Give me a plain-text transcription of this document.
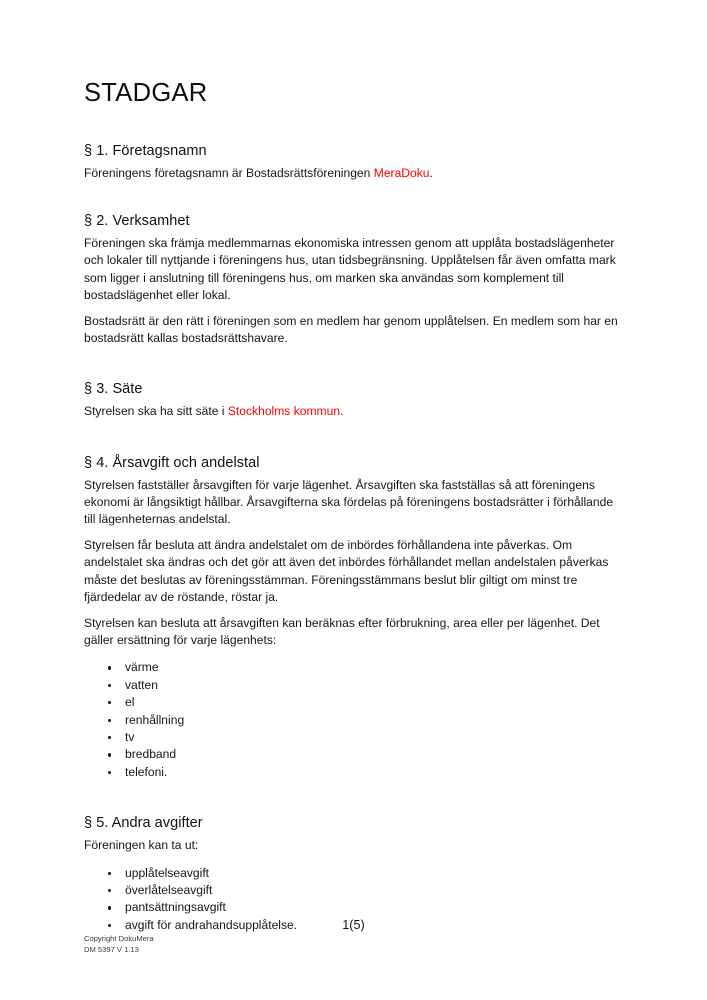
STADGAR
§ 1. Företagsnamn

Föreningens företagsnamn är Bostadsrättsföreningen MeraDoku.

§ 2. Verksamhet

Föreningen ska främja medlemmarnas ekonomiska intressen genom att upplåta bostadslägenheter och lokaler till nyttjande i föreningens hus, utan tidsbegränsning. Upplåtelsen får även omfatta mark som ligger i anslutning till föreningens hus, om marken ska användas som komplement till bostadslägenhet eller lokal.

Bostadsrätt är den rätt i föreningen som en medlem har genom upplåtelsen. En medlem som har en bostadsrätt kallas bostadsrättshavare.

§ 3. Säte

Styrelsen ska ha sitt säte i Stockholms kommun.

§ 4. Årsavgift och andelstal

Styrelsen fastställer årsavgiften för varje lägenhet. Årsavgiften ska fastställas så att föreningens ekonomi är långsiktigt hållbar. Årsavgifterna ska fördelas på föreningens bostadsrätter i förhållande till lägenheternas andelstal.

Styrelsen får besluta att ändra andelstalet om de inbördes förhållandena inte påverkas. Om andelstalet ska ändras och det gör att även det inbördes förhållandet mellan andelstalen påverkas måste det beslutas av föreningsstämman. Föreningsstämmans beslut blir giltigt om minst tre fjärdedelar av de röstande, röstar ja.

Styrelsen kan besluta att årsavgiften kan beräknas efter förbrukning, area eller per lägenhet. Det gäller ersättning för varje lägenhets:

värme
vatten
el
renhållning
tv
bredband
telefoni.
§ 5. Andra avgifter

Föreningen kan ta ut:

upplåtelseavgift
överlåtelseavgift
pantsättningsavgift
avgift för andrahandsupplåtelse.	1(5)
Copyright DokuMera
DM 5397 V 1.13
